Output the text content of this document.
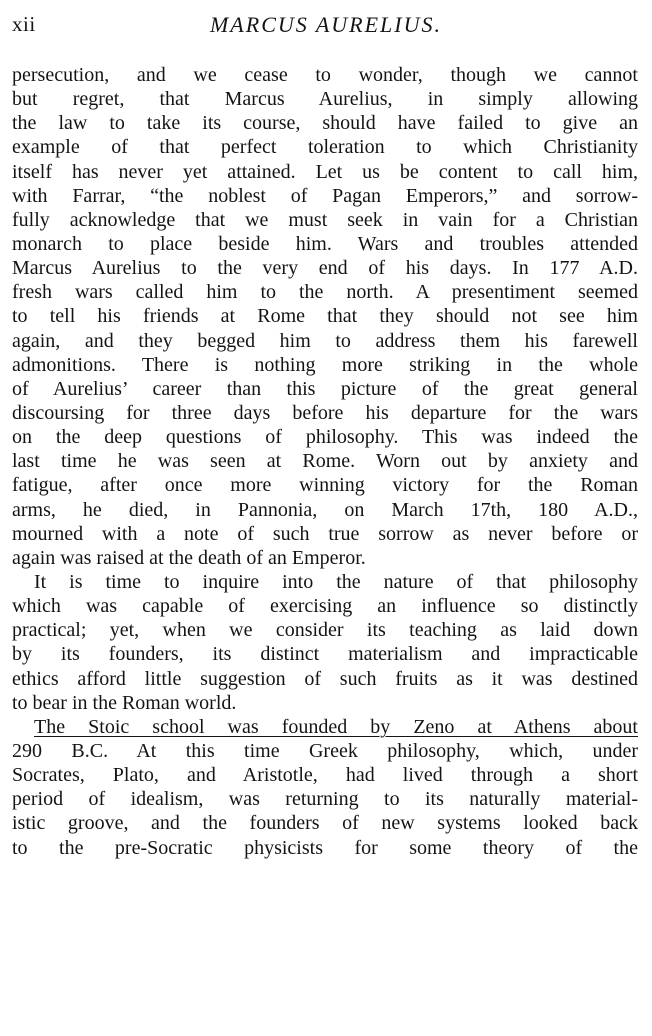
xii	MARCUS AURELIUS.
persecution, and we cease to wonder, though we cannot
but regret, that Marcus Aurelius, in simply allowing
the law to take its course, should have failed to give an
example of that perfect toleration to which Christianity
itself has never yet attained. Let us be content to call him,
with Farrar, “the noblest of Pagan Emperors,” and sorrow-
fully acknowledge that we must seek in vain for a Christian
monarch to place beside him. Wars and troubles attended
Marcus Aurelius to the very end of his days. In 177 A.D.
fresh wars called him to the north. A presentiment seemed
to tell his friends at Rome that they should not see him
again, and they begged him to address them his farewell
admonitions. There is nothing more striking in the whole
of Aurelius’ career than this picture of the great general
discoursing for three days before his departure for the wars
on the deep questions of philosophy. This was indeed the
last time he was seen at Rome. Worn out by anxiety and
fatigue, after once more winning victory for the Roman
arms, he died, in Pannonia, on March 17th, 180 A.D.,
mourned with a note of such true sorrow as never before or
again was raised at the death of an Emperor.
It is time to inquire into the nature of that philosophy
which was capable of exercising an influence so distinctly
practical; yet, when we consider its teaching as laid down
by its founders, its distinct materialism and impracticable
ethics afford little suggestion of such fruits as it was destined
to bear in the Roman world.
The Stoic school was founded by Zeno at Athens about
290 B.C. At this time Greek philosophy, which, under
Socrates, Plato, and Aristotle, had lived through a short
period of idealism, was returning to its naturally material-
istic groove, and the founders of new systems looked back
to the pre-Socratic physicists for some theory of the
